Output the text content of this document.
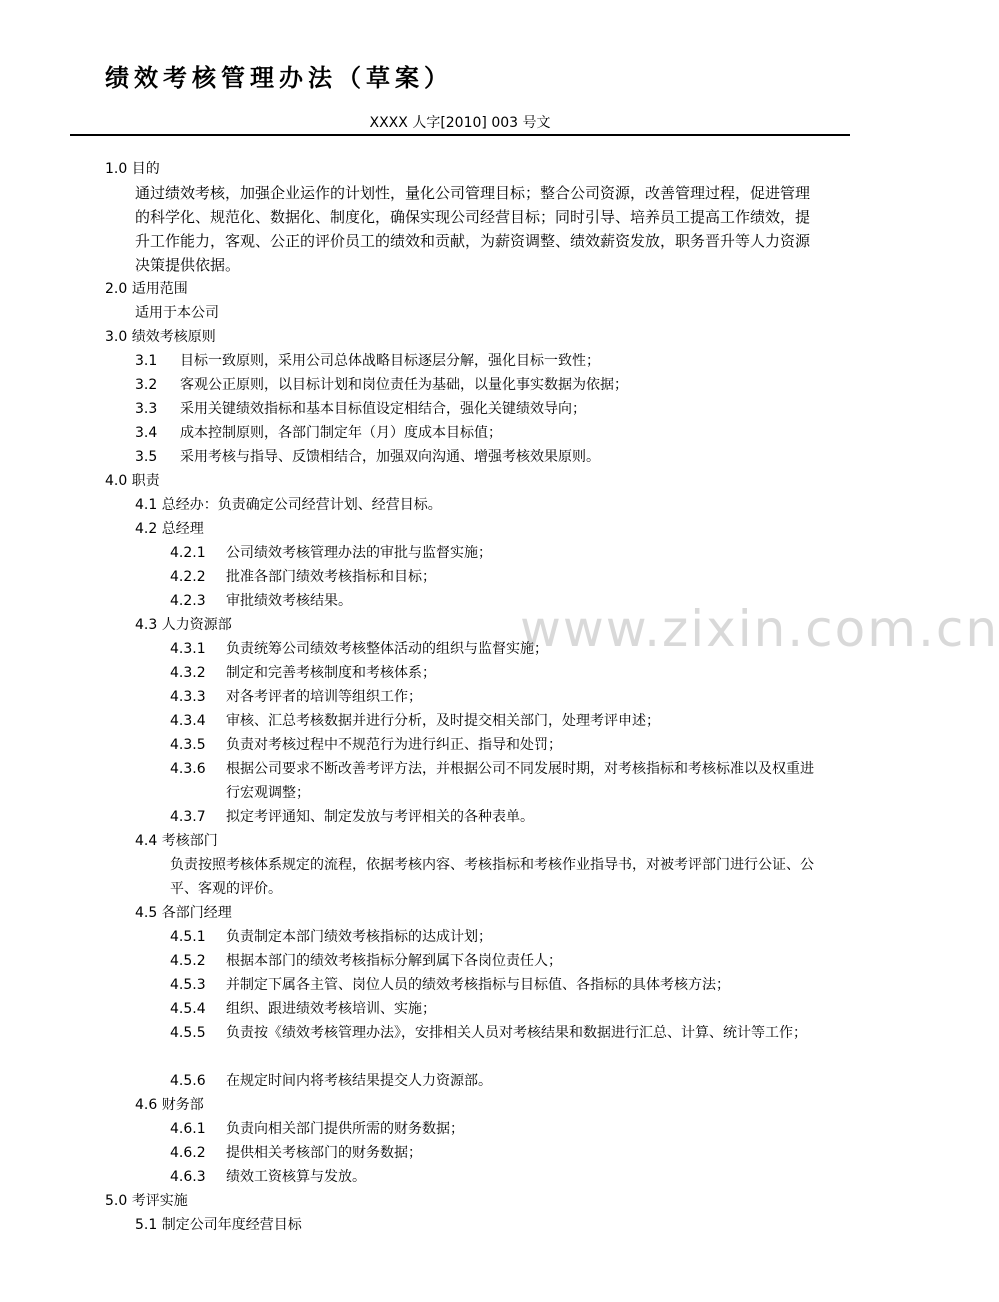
绩效考核管理办法（草案）
XXXX 人字[2010] 003 号文
www.zixin.com.cn
1.0 目的
通过绩效考核，加强企业运作的计划性，量化公司管理目标；整合公司资源，改善管理过程，促进管理的科学化、规范化、数据化、制度化，确保实现公司经营目标；同时引导、培养员工提高工作绩效，提升工作能力，客观、公正的评价员工的绩效和贡献，为薪资调整、绩效薪资发放，职务晋升等人力资源决策提供依据。
2.0 适用范围
适用于本公司
3.0 绩效考核原则
3.1 目标一致原则，采用公司总体战略目标逐层分解，强化目标一致性；
3.2 客观公正原则，以目标计划和岗位责任为基础，以量化事实数据为依据；
3.3 采用关键绩效指标和基本目标值设定相结合，强化关键绩效导向；
3.4 成本控制原则，各部门制定年（月）度成本目标值；
3.5 采用考核与指导、反馈相结合，加强双向沟通、增强考核效果原则。
4.0 职责
4.1 总经办：负责确定公司经营计划、经营目标。
4.2 总经理
4.2.1 公司绩效考核管理办法的审批与监督实施；
4.2.2 批准各部门绩效考核指标和目标；
4.2.3 审批绩效考核结果。
4.3 人力资源部
4.3.1 负责统筹公司绩效考核整体活动的组织与监督实施；
4.3.2 制定和完善考核制度和考核体系；
4.3.3 对各考评者的培训等组织工作；
4.3.4 审核、汇总考核数据并进行分析，及时提交相关部门，处理考评申述；
4.3.5 负责对考核过程中不规范行为进行纠正、指导和处罚；
4.3.6	根据公司要求不断改善考评方法，并根据公司不同发展时期，对考核指标和考核标准以及权重进行宏观调整；
4.3.7 拟定考评通知、制定发放与考评相关的各种表单。
4.4 考核部门
负责按照考核体系规定的流程，依据考核内容、考核指标和考核作业指导书，对被考评部门进行公证、公平、客观的评价。
4.5 各部门经理
4.5.1 负责制定本部门绩效考核指标的达成计划；
4.5.2 根据本部门的绩效考核指标分解到属下各岗位责任人；
4.5.3 并制定下属各主管、岗位人员的绩效考核指标与目标值、各指标的具体考核方法；
4.5.4 组织、跟进绩效考核培训、实施；
4.5.5	负责按《绩效考核管理办法》，安排相关人员对考核结果和数据进行汇总、计算、统计等工作；
4.5.6 在规定时间内将考核结果提交人力资源部。
4.6 财务部
4.6.1 负责向相关部门提供所需的财务数据；
4.6.2 提供相关考核部门的财务数据；
4.6.3 绩效工资核算与发放。
5.0 考评实施
5.1 制定公司年度经营目标
